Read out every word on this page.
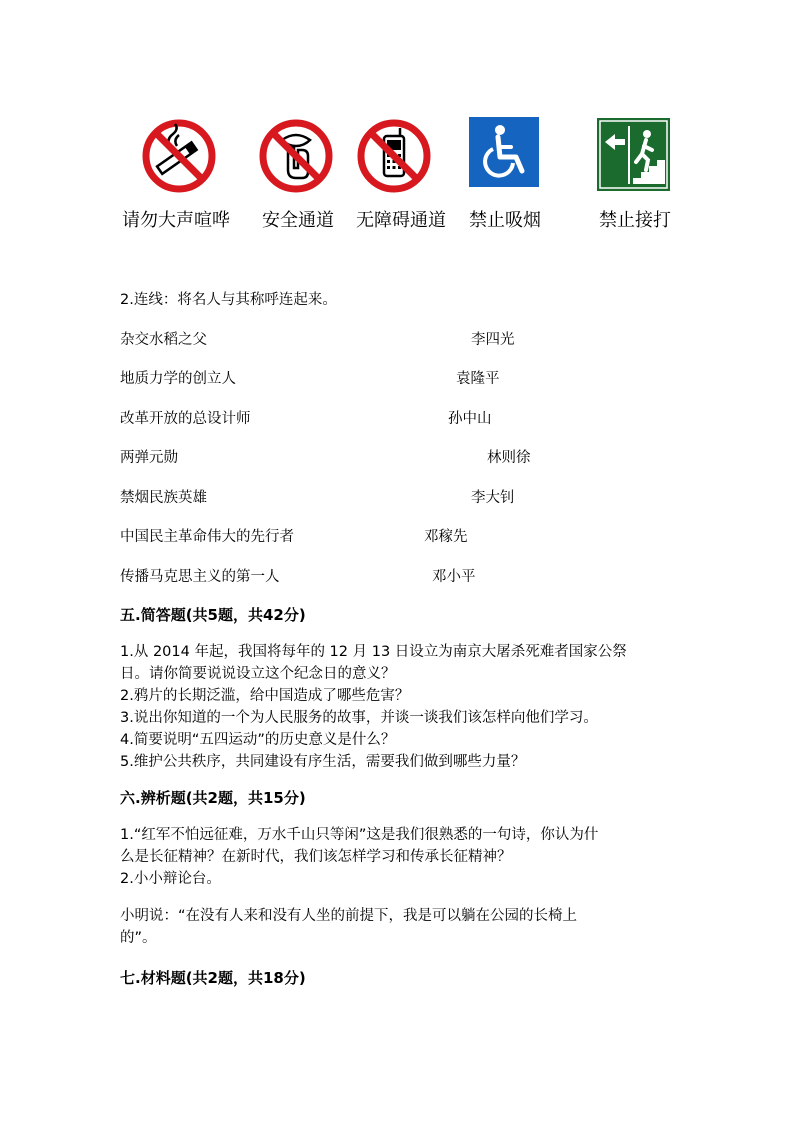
请勿大声喧哗 安全通道 无障碍通道 禁止吸烟	禁止接打
2.连线：将名人与其称呼连起来。
杂交水稻之父	李四光
地质力学的创立人	袁隆平
改革开放的总设计师	孙中山
两弹元勋	林则徐
禁烟民族英雄	李大钊
中国民主革命伟大的先行者	邓稼先
传播马克思主义的第一人	邓小平
五.简答题(共5题，共42分)
1.从 2014 年起，我国将每年的 12 月 13 日设立为南京大屠杀死难者国家公祭
日。请你简要说说设立这个纪念日的意义？
2.鸦片的长期泛滥，给中国造成了哪些危害？
3.说出你知道的一个为人民服务的故事，并谈一谈我们该怎样向他们学习。
4.简要说明“五四运动”的历史意义是什么？
5.维护公共秩序，共同建设有序生活，需要我们做到哪些力量？
六.辨析题(共2题，共15分)
1.“红军不怕远征难，万水千山只等闲”这是我们很熟悉的一句诗，你认为什
么是长征精神？在新时代，我们该怎样学习和传承长征精神？
2.小小辩论台。
小明说：“在没有人来和没有人坐的前提下，我是可以躺在公园的长椅上
的”。
七.材料题(共2题，共18分)
